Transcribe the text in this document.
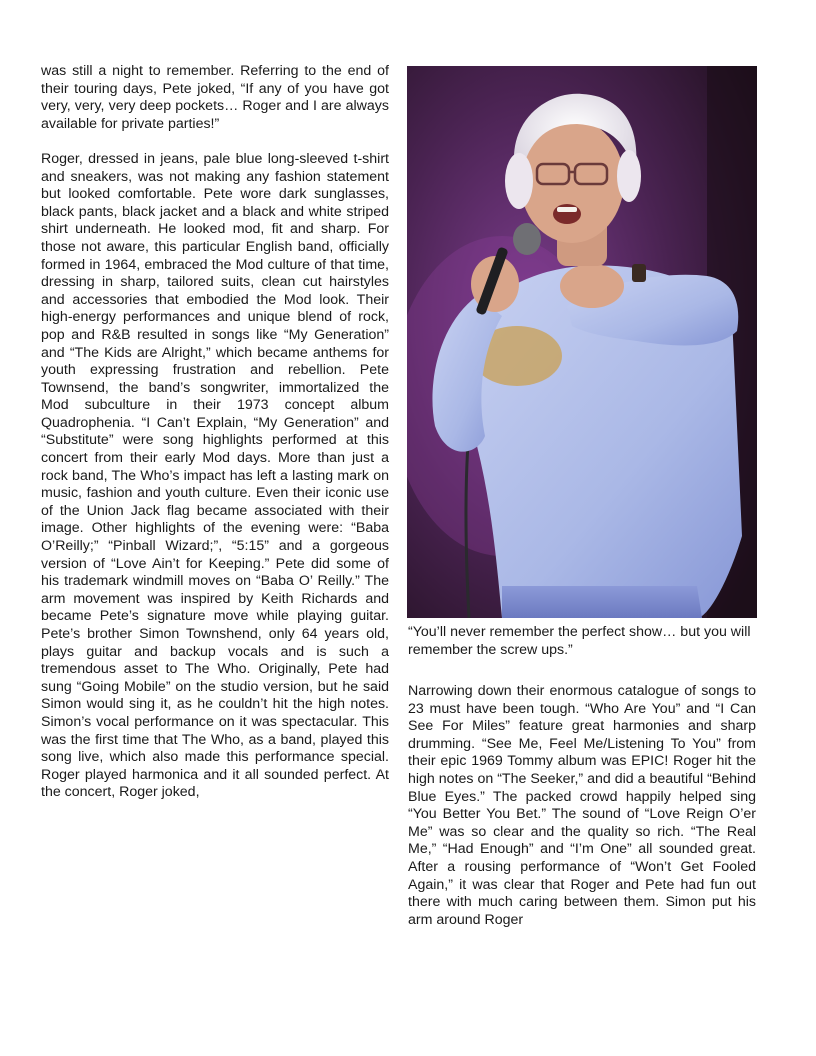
was still a night to remember. Referring to the end of their touring days, Pete joked, “If any of you have got very, very, very deep pockets… Roger and I are always available for private parties!”

Roger, dressed in jeans, pale blue long-sleeved t-shirt and sneakers, was not making any fashion statement but looked comfortable. Pete wore dark sunglasses, black pants, black jacket and a black and white striped shirt underneath. He looked mod, fit and sharp. For those not aware, this particular English band, officially formed in 1964, embraced the Mod culture of that time, dressing in sharp, tailored suits, clean cut hairstyles and accessories that embodied the Mod look. Their high-energy performances and unique blend of rock, pop and R&B resulted in songs like “My Generation” and “The Kids are Alright,” which became anthems for youth expressing frustration and rebellion. Pete Townsend, the band’s songwriter, immortalized the Mod subculture in their 1973 concept album Quadrophenia. “I Can’t Explain, “My Generation” and “Substitute” were song highlights performed at this concert from their early Mod days. More than just a rock band, The Who’s impact has left a lasting mark on music, fashion and youth culture. Even their iconic use of the Union Jack flag became associated with their image. Other highlights of the evening were: “Baba O’Reilly;” “Pinball Wizard;”, “5:15” and a gorgeous version of “Love Ain’t for Keeping.” Pete did some of his trademark windmill moves on “Baba O’ Reilly.” The arm movement was inspired by Keith Richards and became Pete’s signature move while playing guitar. Pete’s brother Simon Townshend, only 64 years old, plays guitar and backup vocals and is such a tremendous asset to The Who. Originally, Pete had sung “Going Mobile” on the studio version, but he said Simon would sing it, as he couldn’t hit the high notes. Simon’s vocal performance on it was spectacular. This was the first time that The Who, as a band, played this song live, which also made this performance special. Roger played harmonica and it all sounded perfect. At the concert, Roger joked,

“You’ll never remember the perfect show… but you will remember the screw ups.”

Narrowing down their enormous catalogue of songs to 23 must have been tough. “Who Are You” and “I Can See For Miles” feature great harmonies and sharp drumming. “See Me, Feel Me/Listening To You” from their epic 1969 Tommy album was EPIC! Roger hit the high notes on “The Seeker,” and did a beautiful “Behind Blue Eyes.” The packed crowd happily helped sing “You Better You Bet.” The sound of “Love Reign O’er Me” was so clear and the quality so rich. “The Real Me,” “Had Enough” and “I’m One” all sounded great. After a rousing performance of “Won’t Get Fooled Again,” it was clear that Roger and Pete had fun out there with much caring between them. Simon put his arm around Roger
